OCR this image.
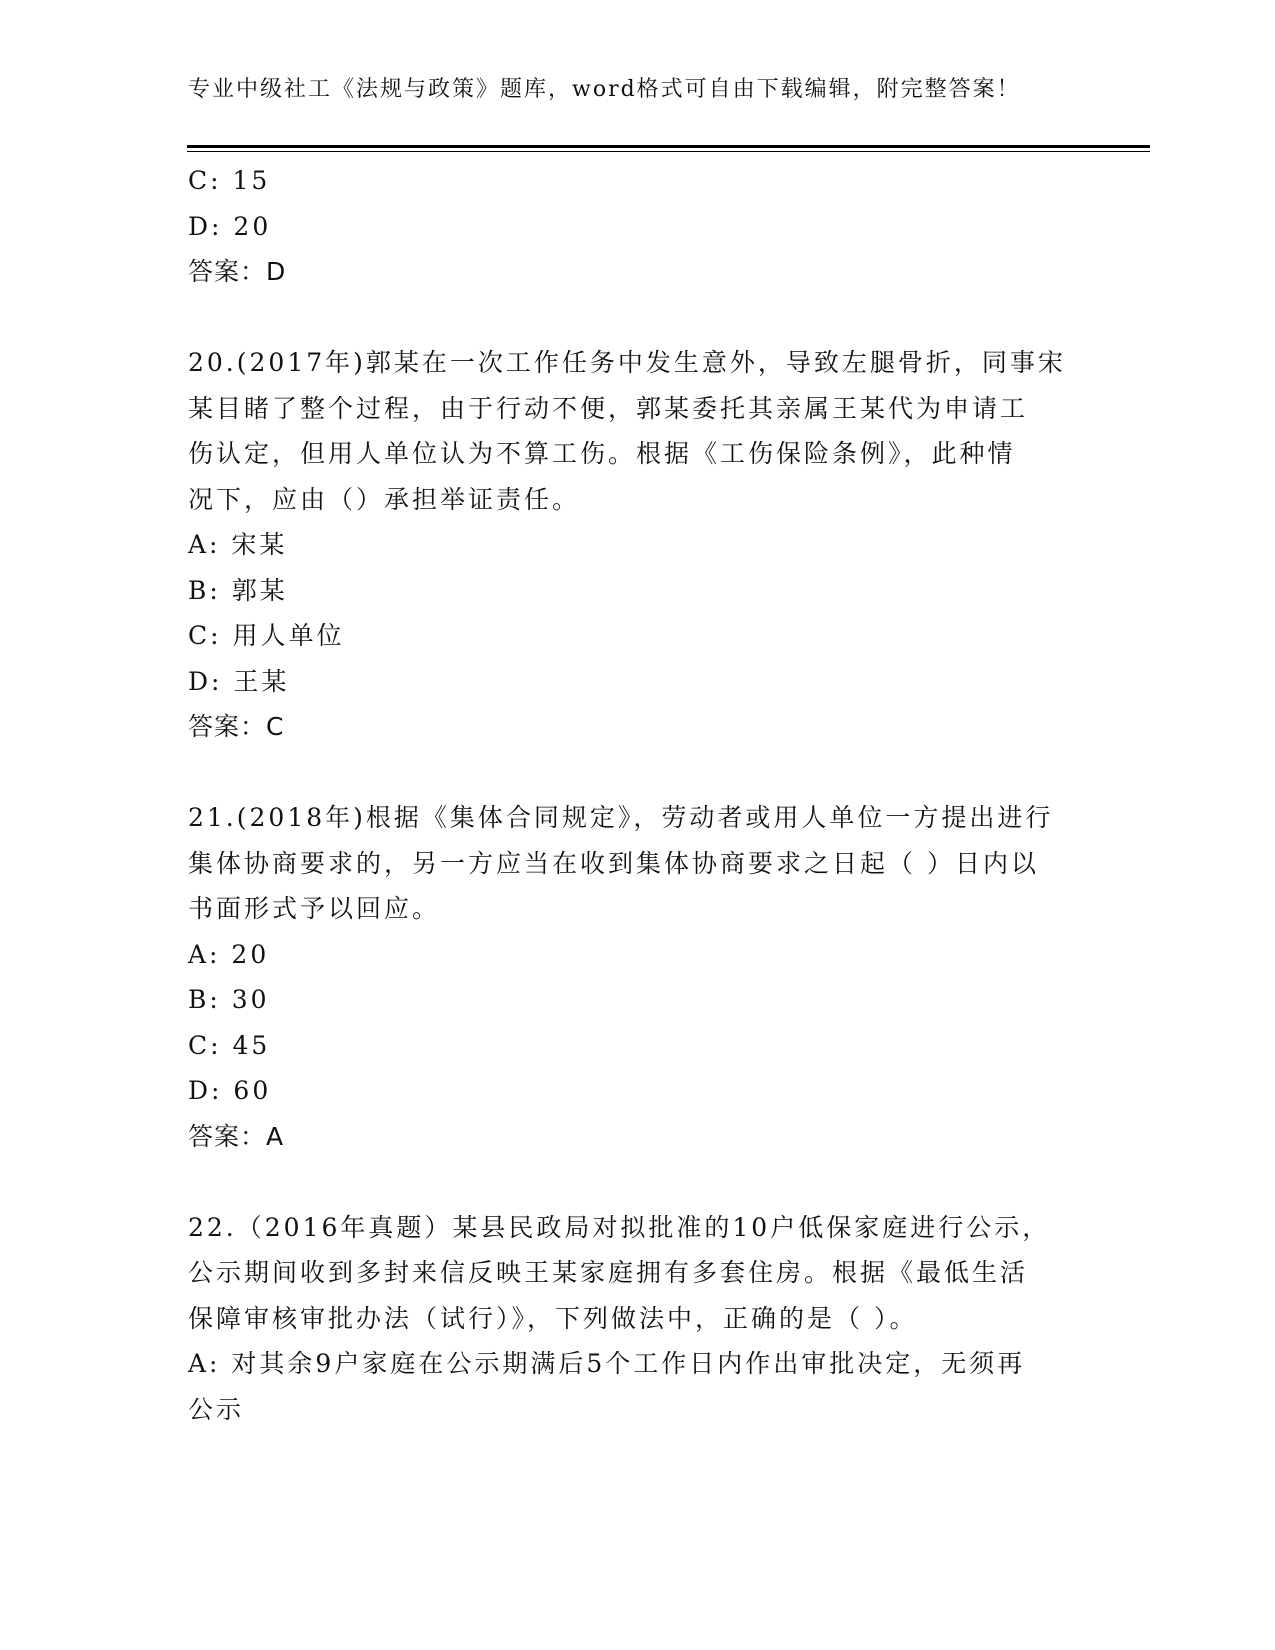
专业中级社工《法规与政策》题库，word格式可自由下载编辑，附完整答案！
C: 15
D: 20
答案：D
20.(2017年)郭某在一次工作任务中发生意外，导致左腿骨折，同事宋
某目睹了整个过程，由于行动不便，郭某委托其亲属王某代为申请工
伤认定，但用人单位认为不算工伤。根据《工伤保险条例》，此种情
况下，应由（）承担举证责任。
A: 宋某
B: 郭某
C: 用人单位
D: 王某
答案：C
21.(2018年)根据《集体合同规定》，劳动者或用人单位一方提出进行
集体协商要求的，另一方应当在收到集体协商要求之日起（ ）日内以
书面形式予以回应。
A: 20
B: 30
C: 45
D: 60
答案：A
22.（2016年真题）某县民政局对拟批准的10户低保家庭进行公示，
公示期间收到多封来信反映王某家庭拥有多套住房。根据《最低生活
保障审核审批办法（试行）》，下列做法中，正确的是（ ）。
A: 对其余9户家庭在公示期满后5个工作日内作出审批决定，无须再
公示
